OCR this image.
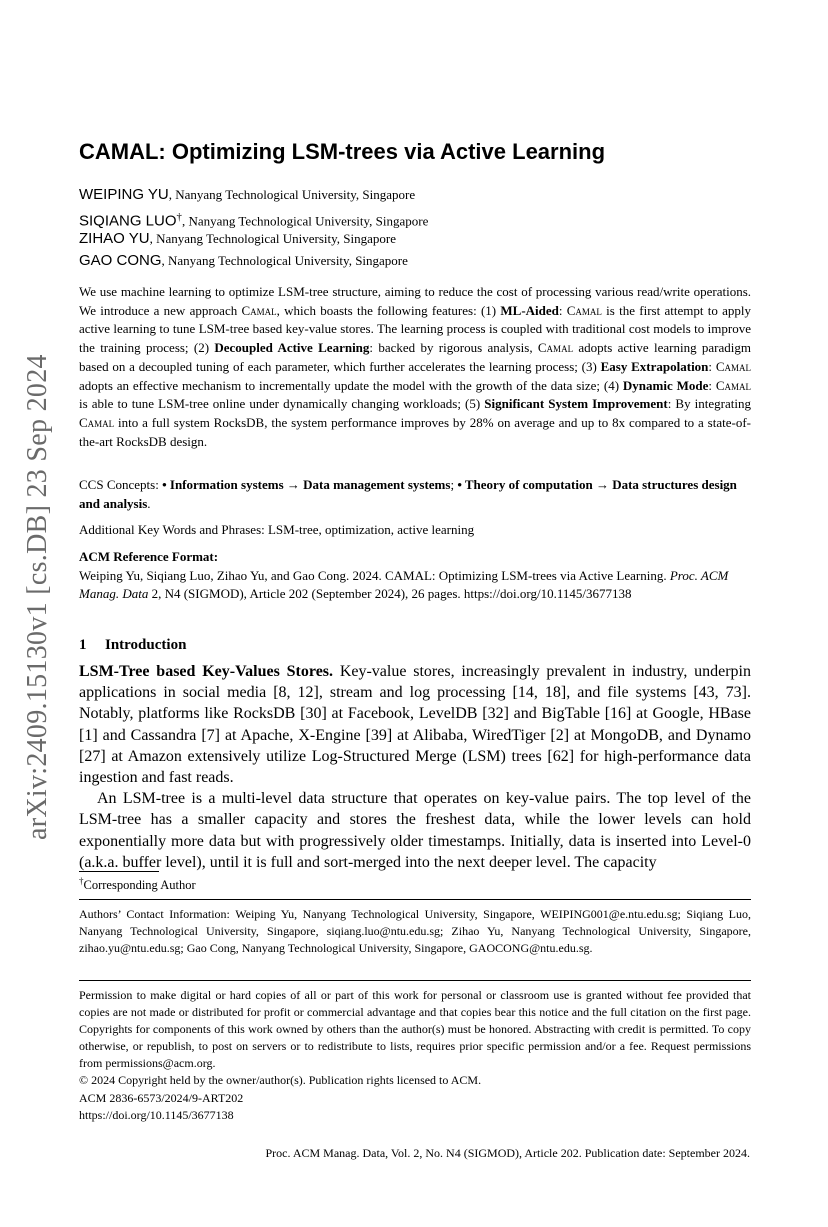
arXiv:2409.15130v1 [cs.DB] 23 Sep 2024
CAMAL: Optimizing LSM-trees via Active Learning
WEIPING YU, Nanyang Technological University, Singapore
SIQIANG LUO†, Nanyang Technological University, Singapore
ZIHAO YU, Nanyang Technological University, Singapore
GAO CONG, Nanyang Technological University, Singapore
We use machine learning to optimize LSM-tree structure, aiming to reduce the cost of processing various read/write operations. We introduce a new approach Camal, which boasts the following features: (1) ML-Aided: Camal is the first attempt to apply active learning to tune LSM-tree based key-value stores. The learning process is coupled with traditional cost models to improve the training process; (2) Decoupled Active Learning: backed by rigorous analysis, Camal adopts active learning paradigm based on a decoupled tuning of each parameter, which further accelerates the learning process; (3) Easy Extrapolation: Camal adopts an effective mechanism to incrementally update the model with the growth of the data size; (4) Dynamic Mode: Camal is able to tune LSM-tree online under dynamically changing workloads; (5) Significant System Improvement: By integrating Camal into a full system RocksDB, the system performance improves by 28% on average and up to 8x compared to a state-of-the-art RocksDB design.
CCS Concepts: • Information systems → Data management systems; • Theory of computation → Data structures design and analysis.
Additional Key Words and Phrases: LSM-tree, optimization, active learning
ACM Reference Format:
Weiping Yu, Siqiang Luo, Zihao Yu, and Gao Cong. 2024. CAMAL: Optimizing LSM-trees via Active Learning. Proc. ACM Manag. Data 2, N4 (SIGMOD), Article 202 (September 2024), 26 pages. https://doi.org/10.1145/3677138
1 Introduction

LSM-Tree based Key-Values Stores. Key-value stores, increasingly prevalent in industry, underpin applications in social media [8, 12], stream and log processing [14, 18], and file systems [43, 73]. Notably, platforms like RocksDB [30] at Facebook, LevelDB [32] and BigTable [16] at Google, HBase [1] and Cassandra [7] at Apache, X-Engine [39] at Alibaba, WiredTiger [2] at MongoDB, and Dynamo [27] at Amazon extensively utilize Log-Structured Merge (LSM) trees [62] for high-performance data ingestion and fast reads.

An LSM-tree is a multi-level data structure that operates on key-value pairs. The top level of the LSM-tree has a smaller capacity and stores the freshest data, while the lower levels can hold exponentially more data but with progressively older timestamps. Initially, data is inserted into Level-0 (a.k.a. buffer level), until it is full and sort-merged into the next deeper level. The capacity

†Corresponding Author
Authors’ Contact Information: Weiping Yu, Nanyang Technological University, Singapore, WEIPING001@e.ntu.edu.sg; Siqiang Luo, Nanyang Technological University, Singapore, siqiang.luo@ntu.edu.sg; Zihao Yu, Nanyang Technological University, Singapore, zihao.yu@ntu.edu.sg; Gao Cong, Nanyang Technological University, Singapore, GAOCONG@ntu.edu.sg.

Permission to make digital or hard copies of all or part of this work for personal or classroom use is granted without fee provided that copies are not made or distributed for profit or commercial advantage and that copies bear this notice and the full citation on the first page. Copyrights for components of this work owned by others than the author(s) must be honored. Abstracting with credit is permitted. To copy otherwise, or republish, to post on servers or to redistribute to lists, requires prior specific permission and/or a fee. Request permissions from permissions@acm.org.

© 2024 Copyright held by the owner/author(s). Publication rights licensed to ACM.

ACM 2836-6573/2024/9-ART202

https://doi.org/10.1145/3677138

Proc. ACM Manag. Data, Vol. 2, No. N4 (SIGMOD), Article 202. Publication date: September 2024.
